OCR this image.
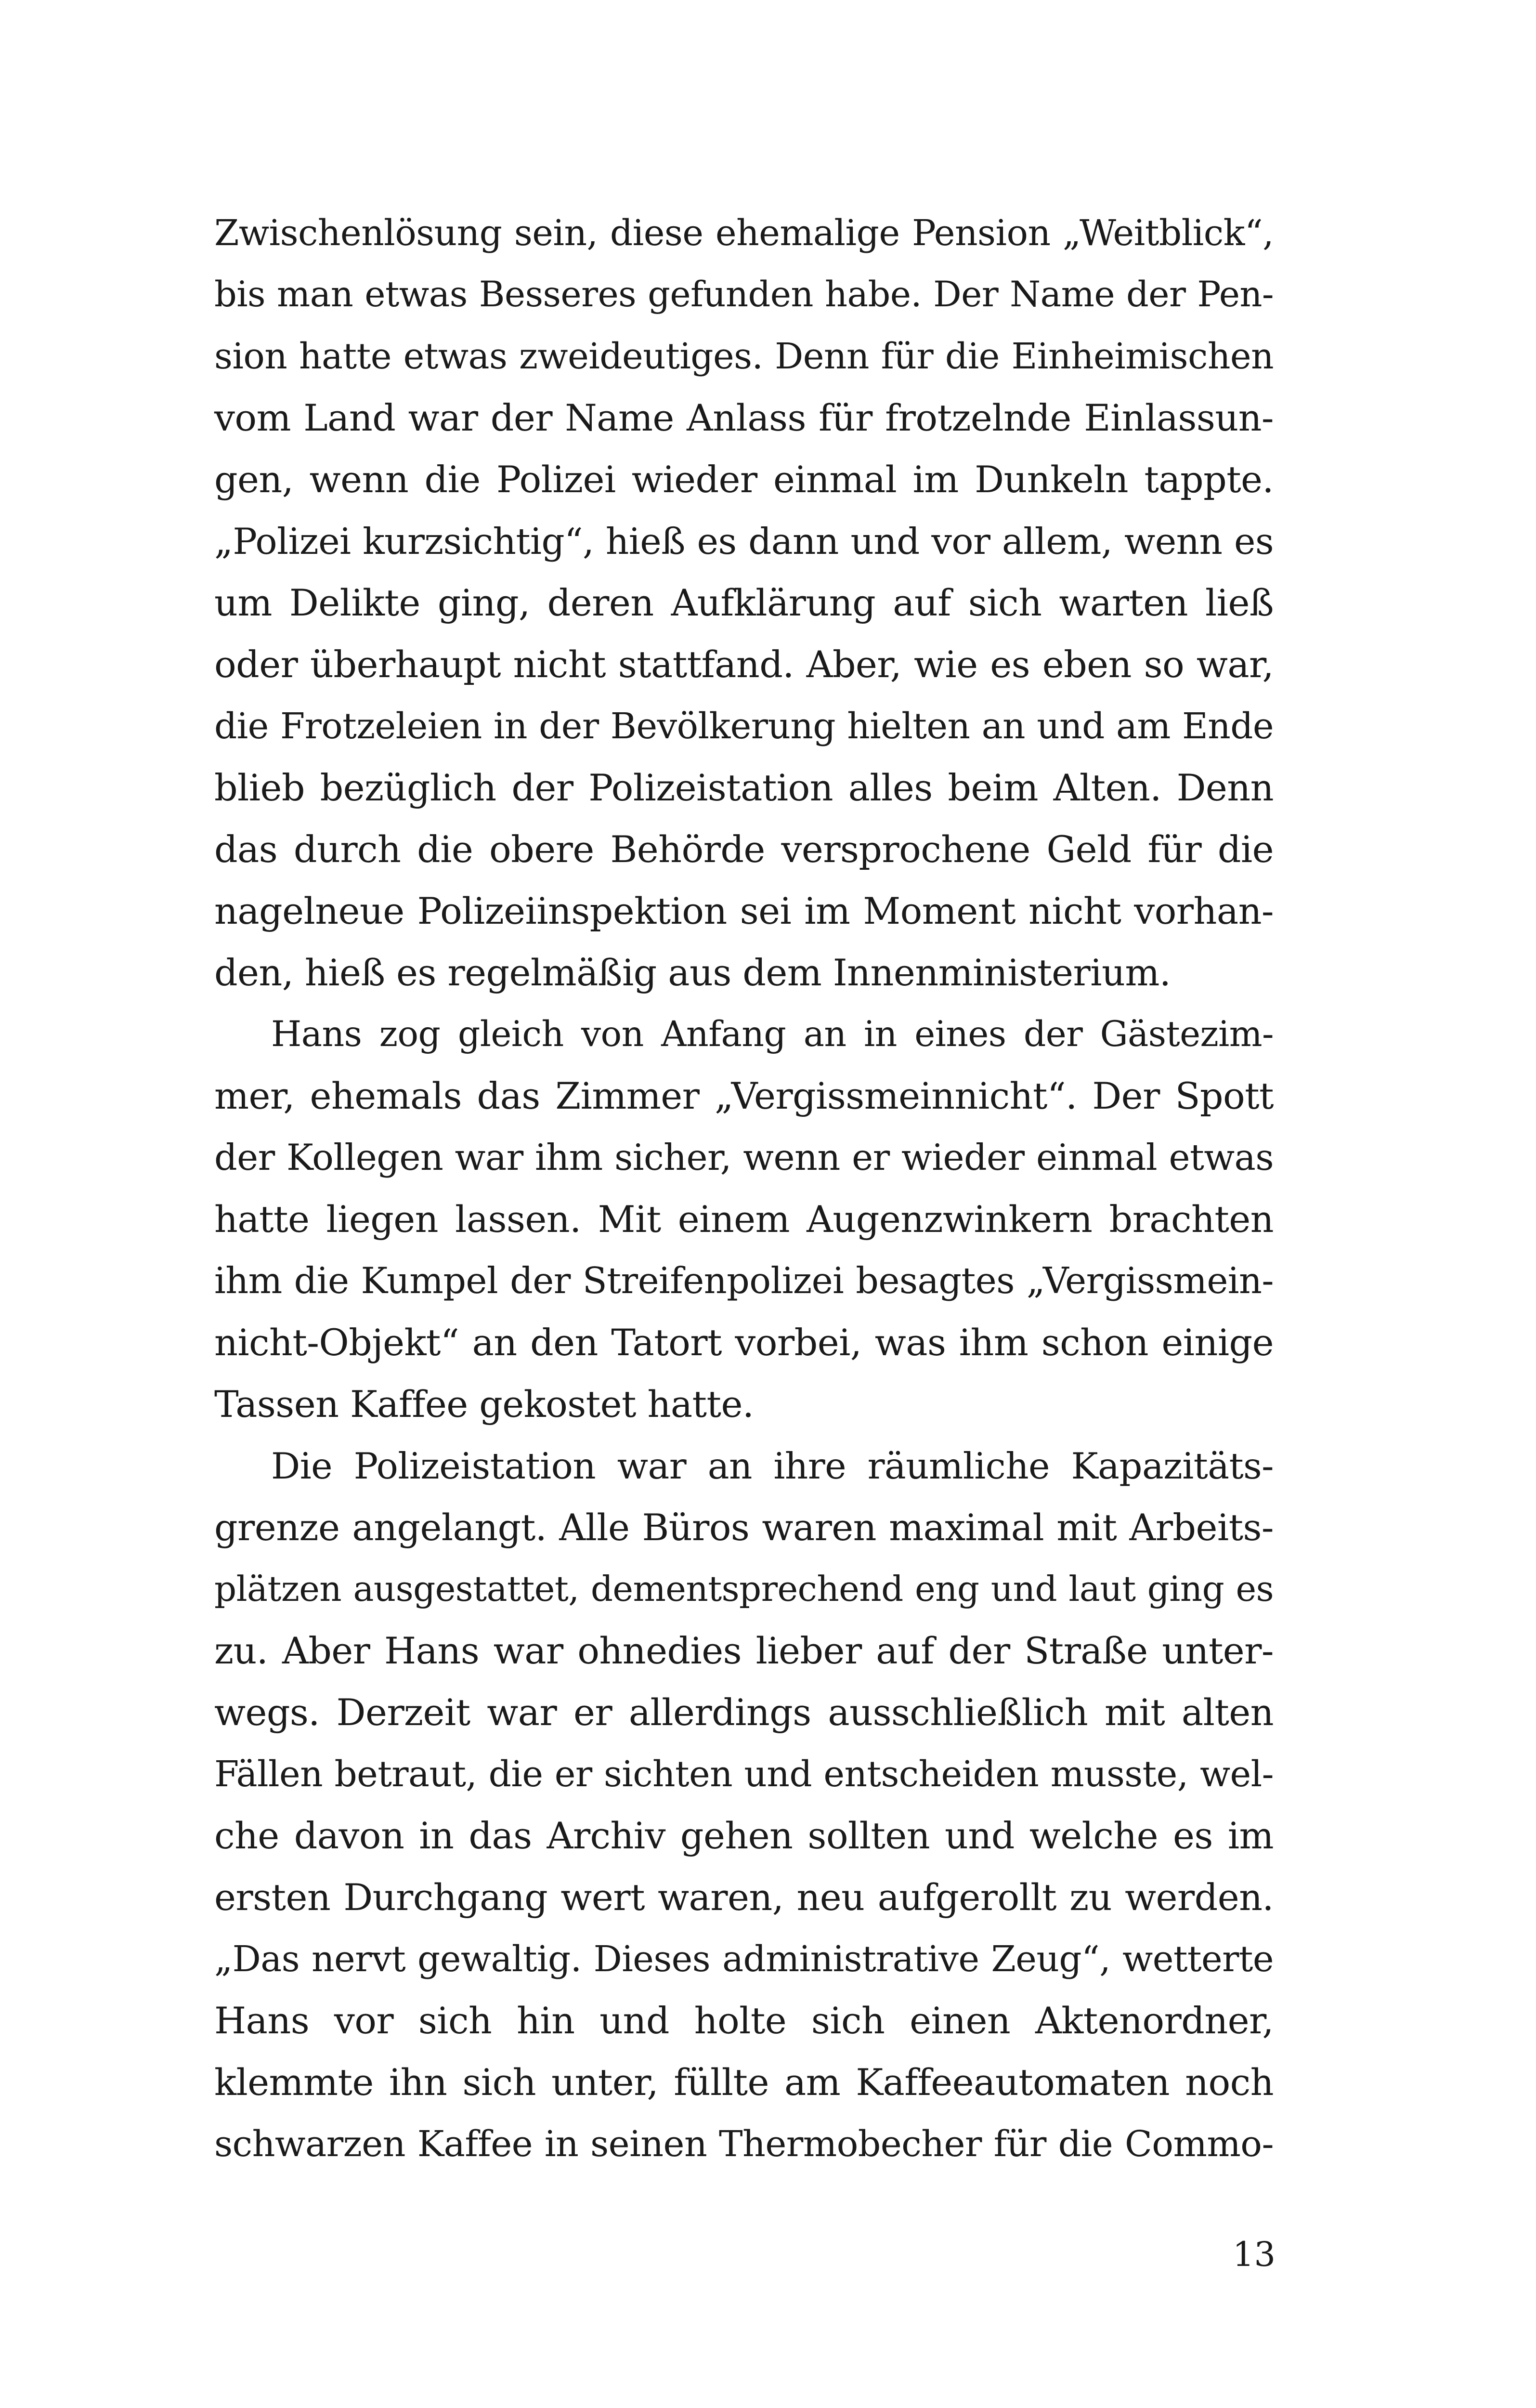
Zwischenlösung sein, diese ehemalige Pension „Weitblick“,
bis man etwas Besseres gefunden habe. Der Name der Pen-
sion hatte etwas zweideutiges. Denn für die Einheimischen
vom Land war der Name Anlass für frotzelnde Einlassun-
gen, wenn die Polizei wieder einmal im Dunkeln tappte.
„Polizei kurzsichtig“, hieß es dann und vor allem, wenn es
um Delikte ging, deren Aufklärung auf sich warten ließ
oder überhaupt nicht stattfand. Aber, wie es eben so war,
die Frotzeleien in der Bevölkerung hielten an und am Ende
blieb bezüglich der Polizeistation alles beim Alten. Denn
das durch die obere Behörde versprochene Geld für die
nagelneue Polizeiinspektion sei im Moment nicht vorhan-
den, hieß es regelmäßig aus dem Innenministerium.
Hans zog gleich von Anfang an in eines der Gästezim-
mer, ehemals das Zimmer „Vergissmeinnicht“. Der Spott
der Kollegen war ihm sicher, wenn er wieder einmal etwas
hatte liegen lassen. Mit einem Augenzwinkern brachten
ihm die Kumpel der Streifenpolizei besagtes „Vergissmein-
nicht-Objekt“ an den Tatort vorbei, was ihm schon einige
Tassen Kaffee gekostet hatte.
Die Polizeistation war an ihre räumliche Kapazitäts-
grenze angelangt. Alle Büros waren maximal mit Arbeits-
plätzen ausgestattet, dementsprechend eng und laut ging es
zu. Aber Hans war ohnedies lieber auf der Straße unter-
wegs. Derzeit war er allerdings ausschließlich mit alten
Fällen betraut, die er sichten und entscheiden musste, wel-
che davon in das Archiv gehen sollten und welche es im
ersten Durchgang wert waren, neu aufgerollt zu werden.
„Das nervt gewaltig. Dieses administrative Zeug“, wetterte
Hans vor sich hin und holte sich einen Aktenordner,
klemmte ihn sich unter, füllte am Kaffeeautomaten noch
schwarzen Kaffee in seinen Thermobecher für die Commo-
13
